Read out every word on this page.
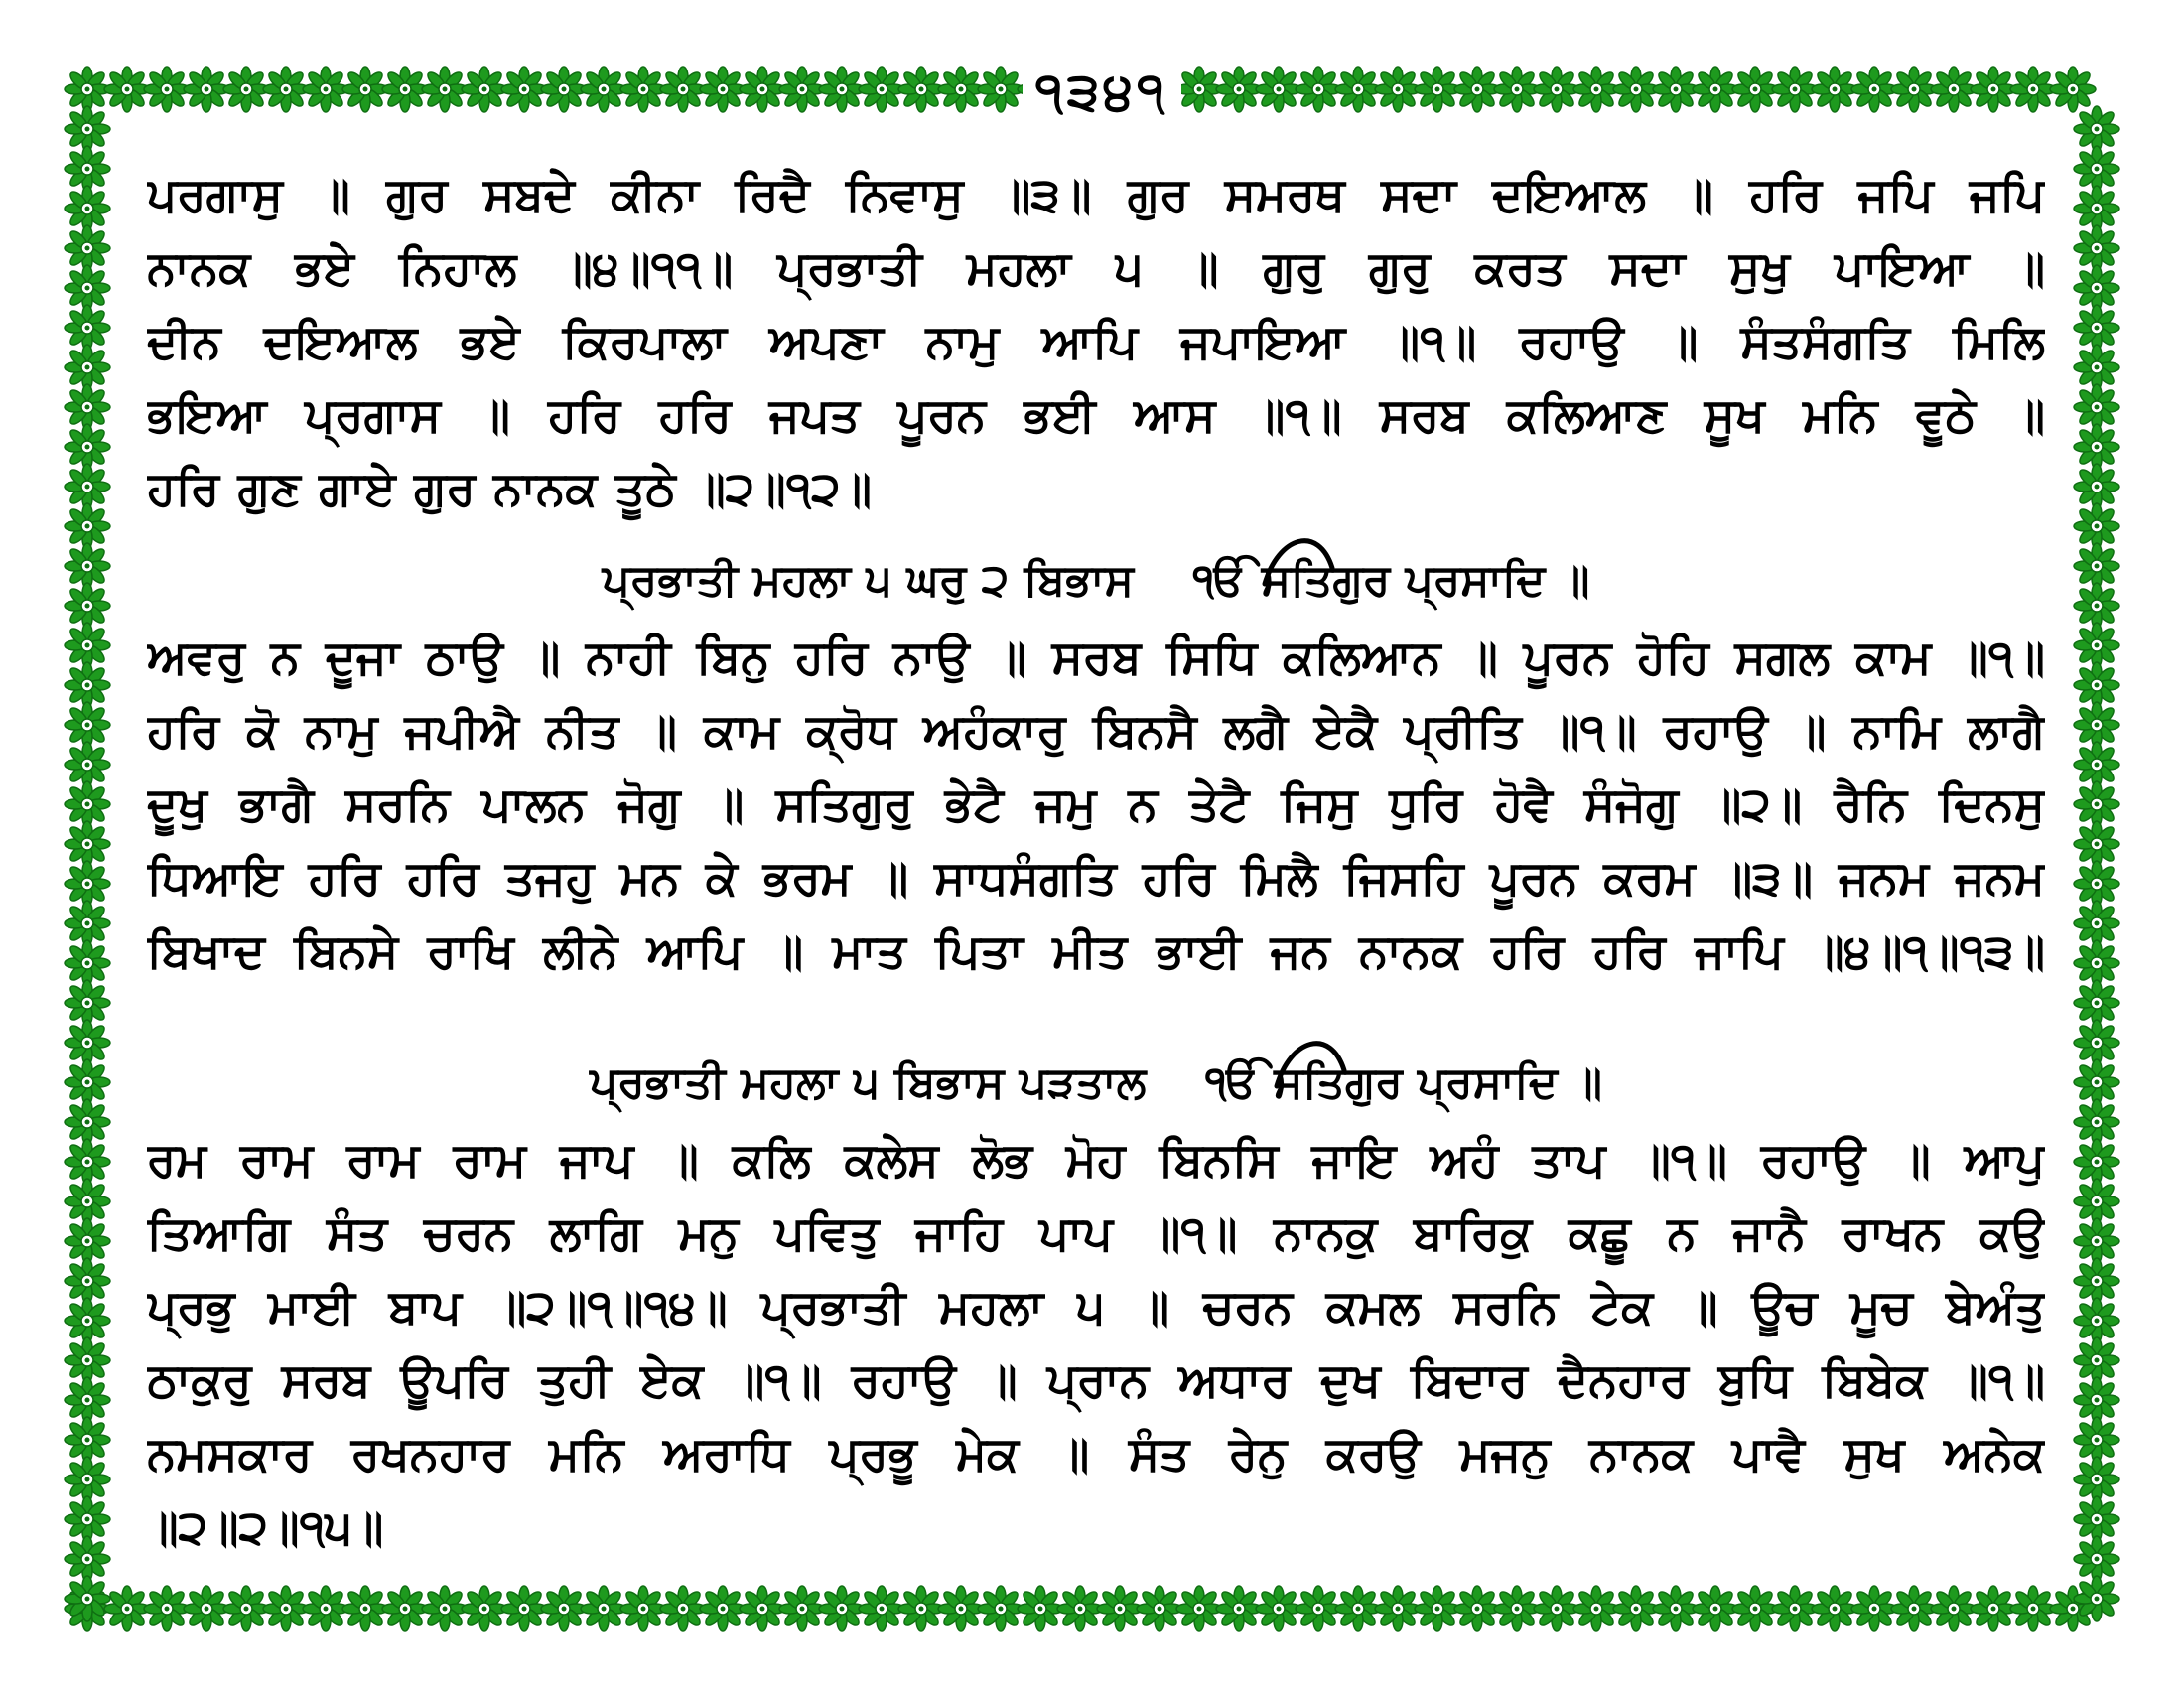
੧੩੪੧
ਪਰਗਾਸੁ ॥ ਗੁਰ ਸਬਦੇ ਕੀਨਾ ਰਿਦੈ ਨਿਵਾਸੁ ॥੩॥ ਗੁਰ ਸਮਰਥ ਸਦਾ ਦਇਆਲ ॥ ਹਰਿ ਜਪਿ ਜਪਿ
ਨਾਨਕ ਭਏ ਨਿਹਾਲ ॥੪॥੧੧॥ ਪ੍ਰਭਾਤੀ ਮਹਲਾ ੫ ॥ ਗੁਰੁ ਗੁਰੁ ਕਰਤ ਸਦਾ ਸੁਖੁ ਪਾਇਆ ॥
ਦੀਨ ਦਇਆਲ ਭਏ ਕਿਰਪਾਲਾ ਅਪਣਾ ਨਾਮੁ ਆਪਿ ਜਪਾਇਆ ॥੧॥ ਰਹਾਉ ॥ ਸੰਤਸੰਗਤਿ ਮਿਲਿ
ਭਇਆ ਪ੍ਰਗਾਸ ॥ ਹਰਿ ਹਰਿ ਜਪਤ ਪੂਰਨ ਭਈ ਆਸ ॥੧॥ ਸਰਬ ਕਲਿਆਣ ਸੂਖ ਮਨਿ ਵੂਠੇ ॥
ਹਰਿ ਗੁਣ ਗਾਏ ਗੁਰ ਨਾਨਕ ਤੂਠੇ ॥੨॥੧੨॥
ਪ੍ਰਭਾਤੀ ਮਹਲਾ ੫ ਘਰੁ ੨ ਬਿਭਾਸ ੴ ਸਤਿਗੁਰ ਪ੍ਰਸਾਦਿ ॥
ਅਵਰੁ ਨ ਦੂਜਾ ਠਾਉ ॥ ਨਾਹੀ ਬਿਨੁ ਹਰਿ ਨਾਉ ॥ ਸਰਬ ਸਿਧਿ ਕਲਿਆਨ ॥ ਪੂਰਨ ਹੋਹਿ ਸਗਲ ਕਾਮ ॥੧॥
ਹਰਿ ਕੋ ਨਾਮੁ ਜਪੀਐ ਨੀਤ ॥ ਕਾਮ ਕ੍ਰੋਧ ਅਹੰਕਾਰੁ ਬਿਨਸੈ ਲਗੈ ਏਕੈ ਪ੍ਰੀਤਿ ॥੧॥ ਰਹਾਉ ॥ ਨਾਮਿ ਲਾਗੈ
ਦੂਖੁ ਭਾਗੈ ਸਰਨਿ ਪਾਲਨ ਜੋਗੁ ॥ ਸਤਿਗੁਰੁ ਭੇਟੈ ਜਮੁ ਨ ਤੇਟੈ ਜਿਸੁ ਧੁਰਿ ਹੋਵੈ ਸੰਜੋਗੁ ॥੨॥ ਰੈਨਿ ਦਿਨਸੁ
ਧਿਆਇ ਹਰਿ ਹਰਿ ਤਜਹੁ ਮਨ ਕੇ ਭਰਮ ॥ ਸਾਧਸੰਗਤਿ ਹਰਿ ਮਿਲੈ ਜਿਸਹਿ ਪੂਰਨ ਕਰਮ ॥੩॥ ਜਨਮ ਜਨਮ
ਬਿਖਾਦ ਬਿਨਸੇ ਰਾਖਿ ਲੀਨੇ ਆਪਿ ॥ ਮਾਤ ਪਿਤਾ ਮੀਤ ਭਾਈ ਜਨ ਨਾਨਕ ਹਰਿ ਹਰਿ ਜਾਪਿ ॥੪॥੧॥੧੩॥
ਪ੍ਰਭਾਤੀ ਮਹਲਾ ੫ ਬਿਭਾਸ ਪੜਤਾਲ ੴ ਸਤਿਗੁਰ ਪ੍ਰਸਾਦਿ ॥
ਰਮ ਰਾਮ ਰਾਮ ਰਾਮ ਜਾਪ ॥ ਕਲਿ ਕਲੇਸ ਲੋਭ ਮੋਹ ਬਿਨਸਿ ਜਾਇ ਅਹੰ ਤਾਪ ॥੧॥ ਰਹਾਉ ॥ ਆਪੁ
ਤਿਆਗਿ ਸੰਤ ਚਰਨ ਲਾਗਿ ਮਨੁ ਪਵਿਤੁ ਜਾਹਿ ਪਾਪ ॥੧॥ ਨਾਨਕੁ ਬਾਰਿਕੁ ਕਛੂ ਨ ਜਾਨੈ ਰਾਖਨ ਕਉ
ਪ੍ਰਭੁ ਮਾਈ ਬਾਪ ॥੨॥੧॥੧੪॥ ਪ੍ਰਭਾਤੀ ਮਹਲਾ ੫ ॥ ਚਰਨ ਕਮਲ ਸਰਨਿ ਟੇਕ ॥ ਊਚ ਮੂਚ ਬੇਅੰਤੁ
ਠਾਕੁਰੁ ਸਰਬ ਊਪਰਿ ਤੁਹੀ ਏਕ ॥੧॥ ਰਹਾਉ ॥ ਪ੍ਰਾਨ ਅਧਾਰ ਦੁਖ ਬਿਦਾਰ ਦੈਨਹਾਰ ਬੁਧਿ ਬਿਬੇਕ ॥੧॥
ਨਮਸਕਾਰ ਰਖਨਹਾਰ ਮਨਿ ਅਰਾਧਿ ਪ੍ਰਭੂ ਮੇਕ ॥ ਸੰਤ ਰੇਨੁ ਕਰਉ ਮਜਨੁ ਨਾਨਕ ਪਾਵੈ ਸੁਖ ਅਨੇਕ
॥੨॥੨॥੧੫॥
